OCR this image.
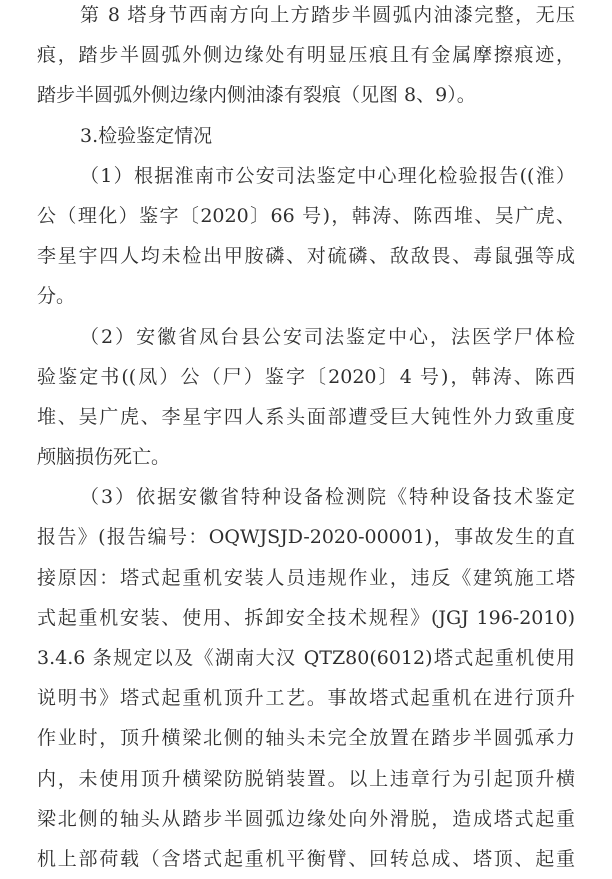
第 8 塔身节西南方向上方踏步半圆弧内油漆完整，无压
痕，踏步半圆弧外侧边缘处有明显压痕且有金属摩擦痕迹，
踏步半圆弧外侧边缘内侧油漆有裂痕（见图 8、9）。
3.检验鉴定情况
（1）根据淮南市公安司法鉴定中心理化检验报告((淮）
公（理化）鉴字〔2020〕66 号)，韩涛、陈西堆、吴广虎、
李星宇四人均未检出甲胺磷、对硫磷、敌敌畏、毒鼠强等成
分。
（2）安徽省凤台县公安司法鉴定中心，法医学尸体检
验鉴定书((凤）公（尸）鉴字〔2020〕4 号)，韩涛、陈西
堆、吴广虎、李星宇四人系头面部遭受巨大钝性外力致重度
颅脑损伤死亡。
（3）依据安徽省特种设备检测院《特种设备技术鉴定
报告》(报告编号：OQWJSJD-2020-00001)，事故发生的直
接原因：塔式起重机安装人员违规作业，违反《建筑施工塔
式起重机安装、使用、拆卸安全技术规程》(JGJ 196-2010)
3.4.6 条规定以及《湖南大汉 QTZ80(6012)塔式起重机使用
说明书》塔式起重机顶升工艺。事故塔式起重机在进行顶升
作业时，顶升横梁北侧的轴头未完全放置在踏步半圆弧承力
内，未使用顶升横梁防脱销装置。以上违章行为引起顶升横
梁北侧的轴头从踏步半圆弧边缘处向外滑脱，造成塔式起重
机上部荷载（含塔式起重机平衡臂、回转总成、塔顶、起重
